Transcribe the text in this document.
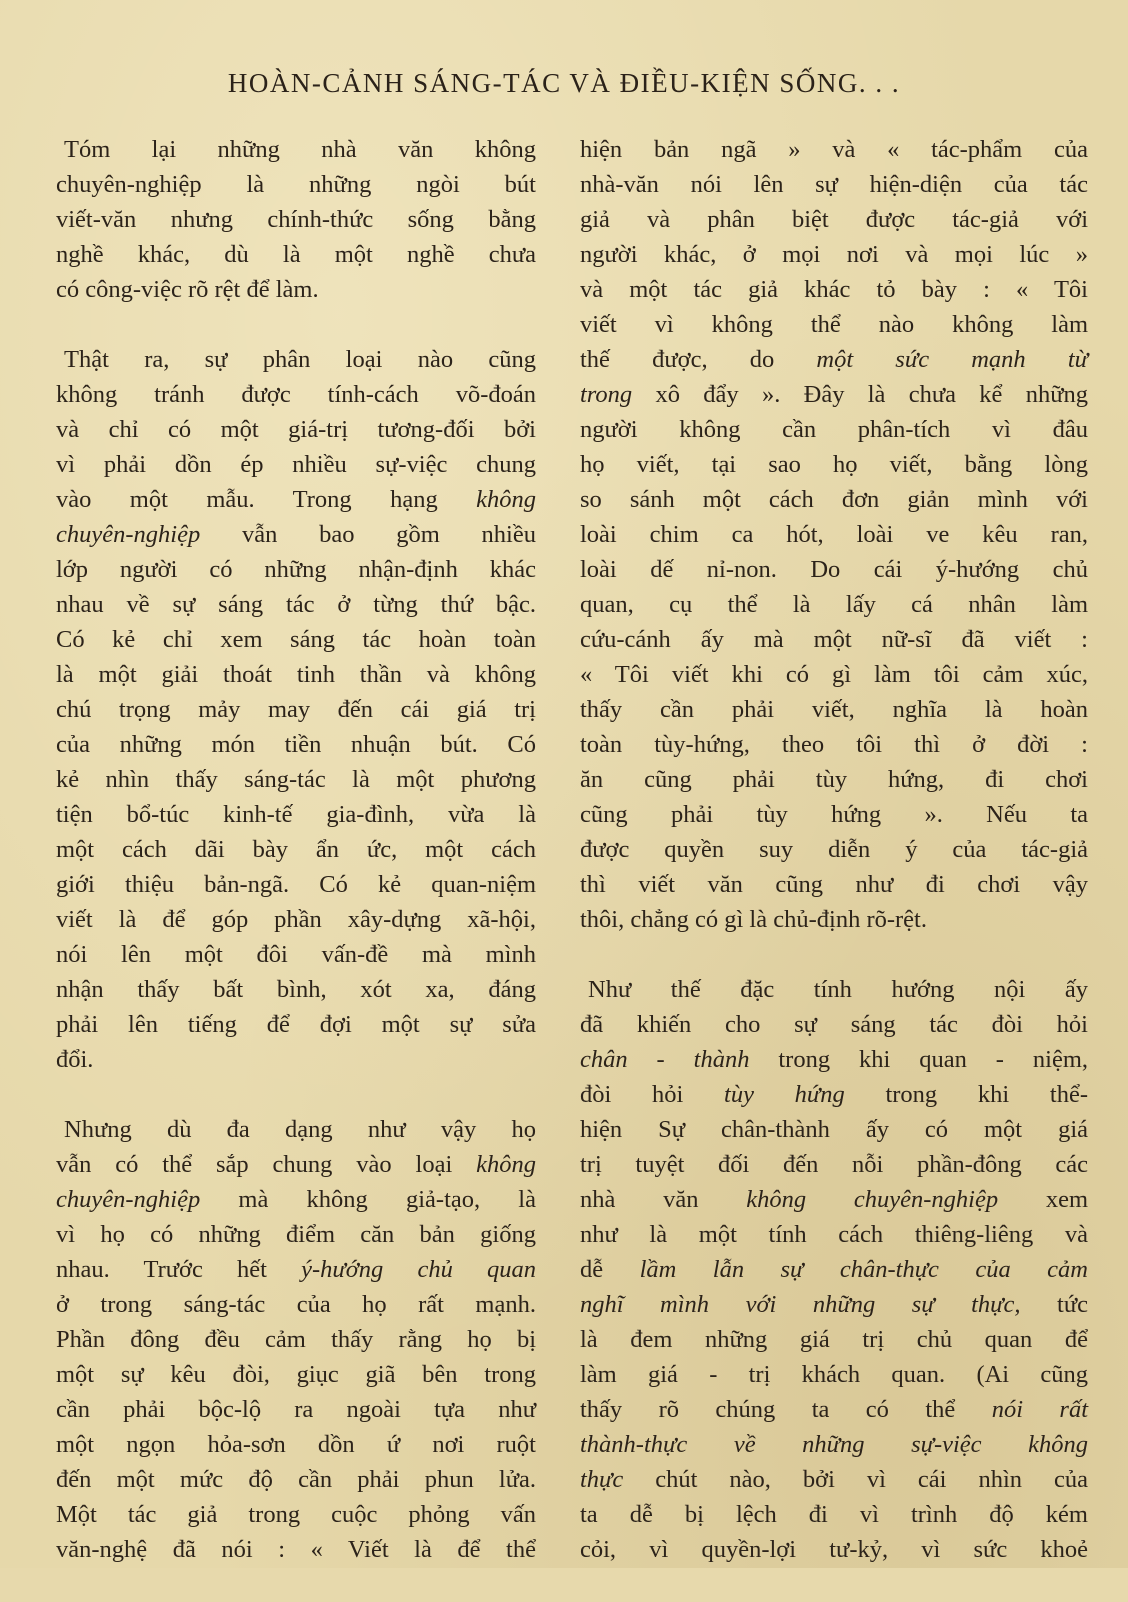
HOÀN-CẢNH SÁNG-TÁC VÀ ĐIỀU-KIỆN SỐNG. . .
Tóm lại những nhà văn không
chuyên-nghiệp là những ngòi bút
viết-văn nhưng chính-thức sống bằng
nghề khác, dù là một nghề chưa
có công-việc rõ rệt để làm.
Thật ra, sự phân loại nào cũng
không tránh được tính-cách võ-đoán
và chỉ có một giá-trị tương-đối bởi
vì phải dồn ép nhiều sự-việc chung
vào một mẫu. Trong hạng không
chuyên-nghiệp vẫn bao gồm nhiều
lớp người có những nhận-định khác
nhau về sự sáng tác ở từng thứ bậc.
Có kẻ chỉ xem sáng tác hoàn toàn
là một giải thoát tinh thần và không
chú trọng mảy may đến cái giá trị
của những món tiền nhuận bút. Có
kẻ nhìn thấy sáng-tác là một phương
tiện bổ-túc kinh-tế gia-đình, vừa là
một cách dãi bày ẩn ức, một cách
giới thiệu bản-ngã. Có kẻ quan-niệm
viết là để góp phần xây-dựng xã-hội,
nói lên một đôi vấn-đề mà mình
nhận thấy bất bình, xót xa, đáng
phải lên tiếng để đợi một sự sửa
đổi.
Nhưng dù đa dạng như vậy họ
vẫn có thể sắp chung vào loại không
chuyên-nghiệp mà không giả-tạo, là
vì họ có những điểm căn bản giống
nhau. Trước hết ý-hướng chủ quan
ở trong sáng-tác của họ rất mạnh.
Phần đông đều cảm thấy rằng họ bị
một sự kêu đòi, giục giã bên trong
cần phải bộc-lộ ra ngoài tựa như
một ngọn hỏa-sơn dồn ứ nơi ruột
đến một mức độ cần phải phun lửa.
Một tác giả trong cuộc phỏng vấn
văn-nghệ đã nói : « Viết là để thể
hiện bản ngã » và « tác-phẩm của
nhà-văn nói lên sự hiện-diện của tác
giả và phân biệt được tác-giả với
người khác, ở mọi nơi và mọi lúc »
và một tác giả khác tỏ bày : « Tôi
viết vì không thể nào không làm
thế được, do một sức mạnh từ
trong xô đẩy ». Đây là chưa kể những
người không cần phân-tích vì đâu
họ viết, tại sao họ viết, bằng lòng
so sánh một cách đơn giản mình với
loài chim ca hót, loài ve kêu ran,
loài dế nỉ-non. Do cái ý-hướng chủ
quan, cụ thể là lấy cá nhân làm
cứu-cánh ấy mà một nữ-sĩ đã viết :
« Tôi viết khi có gì làm tôi cảm xúc,
thấy cần phải viết, nghĩa là hoàn
toàn tùy-hứng, theo tôi thì ở đời :
ăn cũng phải tùy hứng, đi chơi
cũng phải tùy hứng ». Nếu ta
được quyền suy diễn ý của tác-giả
thì viết văn cũng như đi chơi vậy
thôi, chẳng có gì là chủ-định rõ-rệt.
Như thế đặc tính hướng nội ấy
đã khiến cho sự sáng tác đòi hỏi
chân - thành trong khi quan - niệm,
đòi hỏi tùy hứng trong khi thể-
hiện Sự chân-thành ấy có một giá
trị tuyệt đối đến nỗi phần-đông các
nhà văn không chuyên-nghiệp xem
như là một tính cách thiêng-liêng và
dễ lầm lẫn sự chân-thực của cảm
nghĩ mình với những sự thực, tức
là đem những giá trị chủ quan để
làm giá - trị khách quan. (Ai cũng
thấy rõ chúng ta có thể nói rất
thành-thực về những sự-việc không
thực chút nào, bởi vì cái nhìn của
ta dễ bị lệch đi vì trình độ kém
cỏi, vì quyền-lợi tư-kỷ, vì sức khoẻ
